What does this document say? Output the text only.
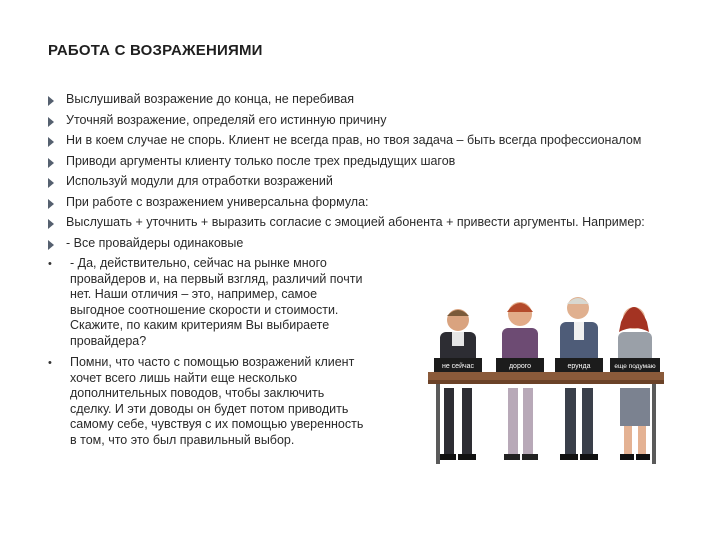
РАБОТА С ВОЗРАЖЕНИЯМИ
Выслушивай возражение до конца, не перебивая
Уточняй возражение, определяй его истинную причину
Ни в коем случае не спорь. Клиент не всегда прав, но твоя задача – быть всегда профессионалом
Приводи аргументы клиенту только после трех предыдущих шагов
Используй модули для отработки возражений
При работе с возражением универсальна формула:
Выслушать + уточнить + выразить согласие с эмоцией абонента + привести аргументы. Например:
- Все провайдеры одинаковые
- Да, действительно, сейчас на рынке много провайдеров и, на первый взгляд, различий почти нет. Наши отличия – это, например, самое выгодное соотношение скорости и стоимости. Скажите, по каким критериям Вы выбираете провайдера?
Помни, что часто с помощью возражений клиент хочет всего лишь найти еще несколько дополнительных поводов, чтобы заключить сделку. И эти доводы он будет потом приводить самому себе, чувствуя с их помощью уверенность в том, что это был правильный выбор.
не сейчас	дорого	ерунда	еще подумаю
